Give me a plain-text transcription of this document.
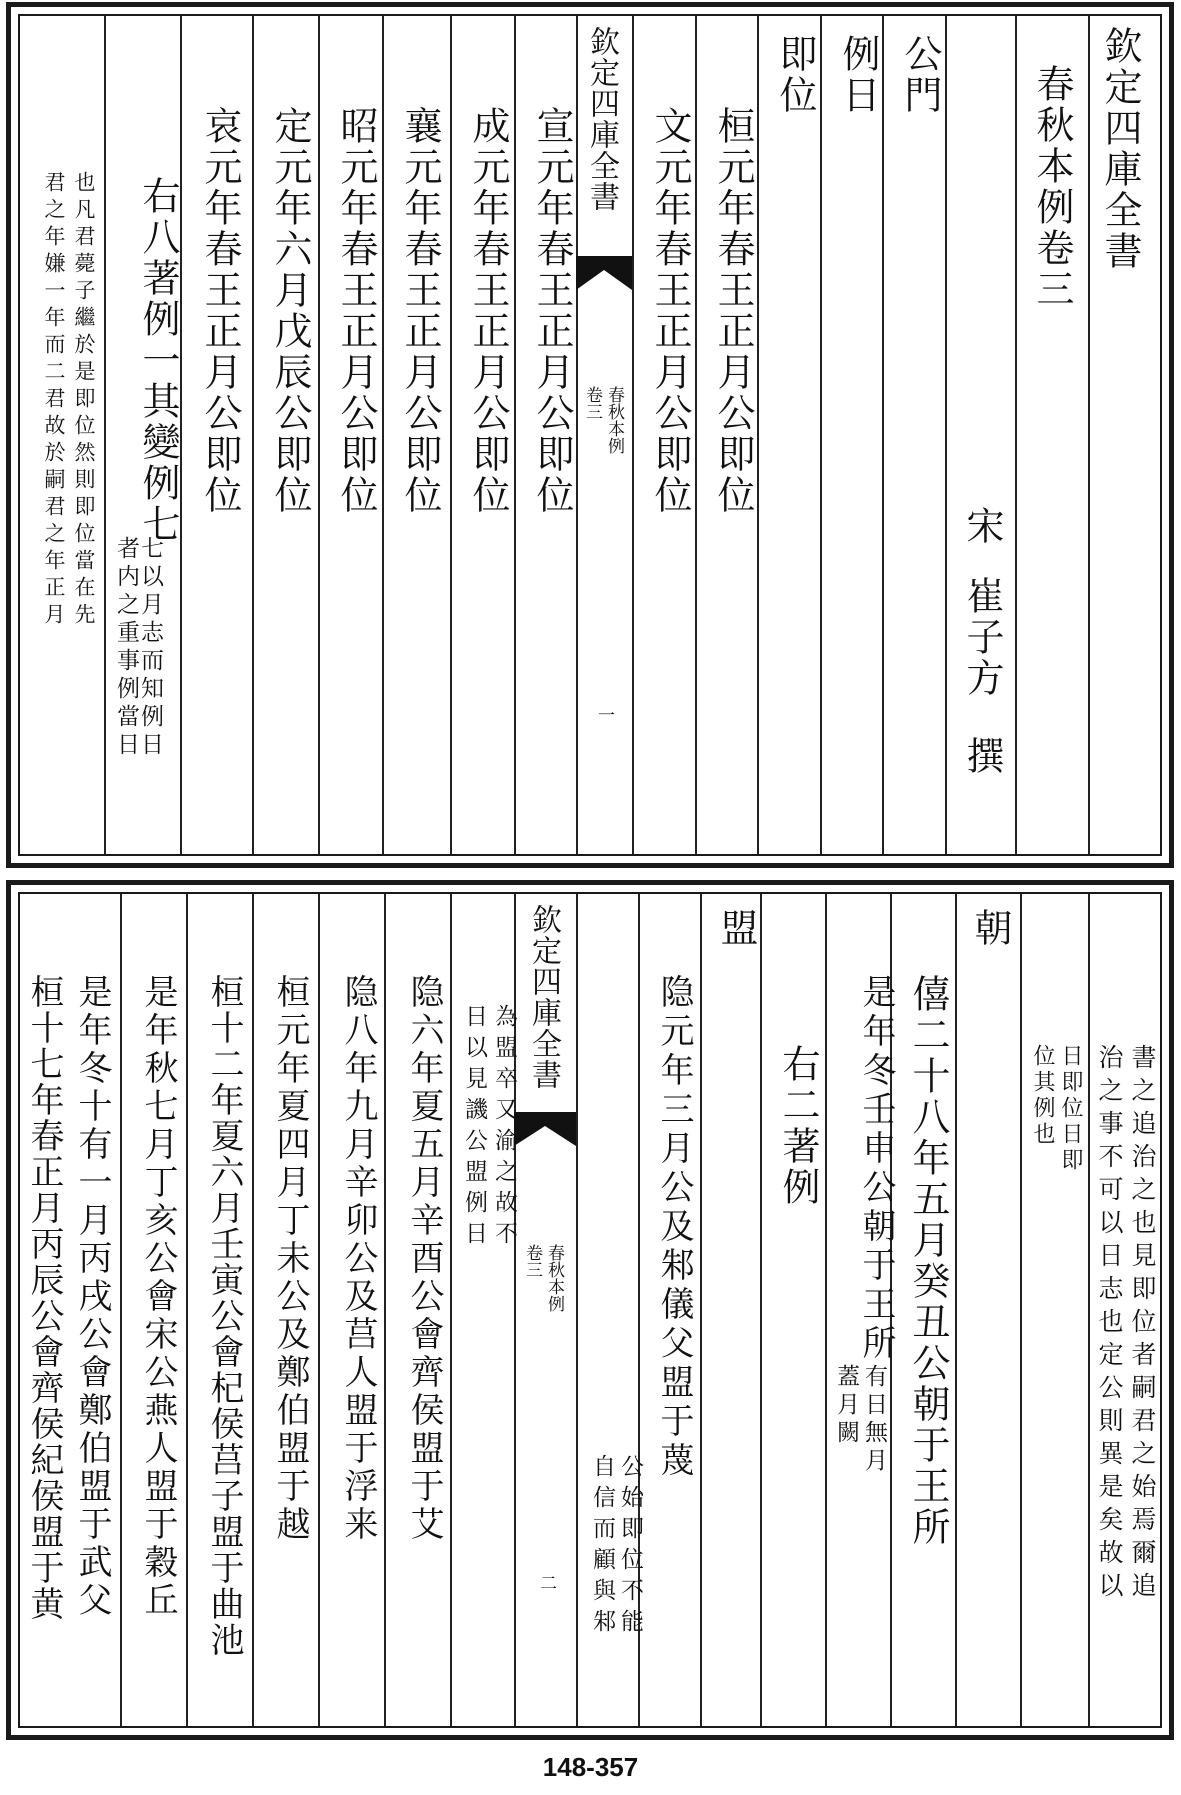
欽定四庫全書
春秋本例卷三
宋
崔子方
撰
公門
例日
即位
桓元年春王正月公即位
文元年春王正月公即位
欽定四庫全書
春秋本例
卷三
一
宣元年春王正月公即位
成元年春王正月公即位
襄元年春王正月公即位
昭元年春王正月公即位
定元年六月戊辰公即位
哀元年春王正月公即位
右八著例一其變例七
七以月志而知例日
者内之重事例當日
也凡君薨子繼於是即位然則即位當在先
君之年嫌一年而二君故於嗣君之年正月
書之追治之也見即位者嗣君之始焉爾追
治之事不可以日志也定公則異是矣故以
日即位日即
位其例也
朝
僖二十八年五月癸丑公朝于王所
是年冬壬申公朝于王所
有日無月
蓋月闕
右二著例
盟
隐元年三月公及邾儀父盟于蔑
公始即位不能
自信而顧與邾
欽定四庫全書
春秋本例
卷三
二
為盟卒又渝之故不
日以見譏公盟例日
隐六年夏五月辛酉公會齊侯盟于艾
隐八年九月辛卯公及莒人盟于浮来
桓元年夏四月丁未公及鄭伯盟于越
桓十二年夏六月壬寅公會杞侯莒子盟于曲池
是年秋七月丁亥公會宋公燕人盟于穀丘
是年冬十有一月丙戌公會鄭伯盟于武父
桓十七年春正月丙辰公會齊侯紀侯盟于黄
148-357
